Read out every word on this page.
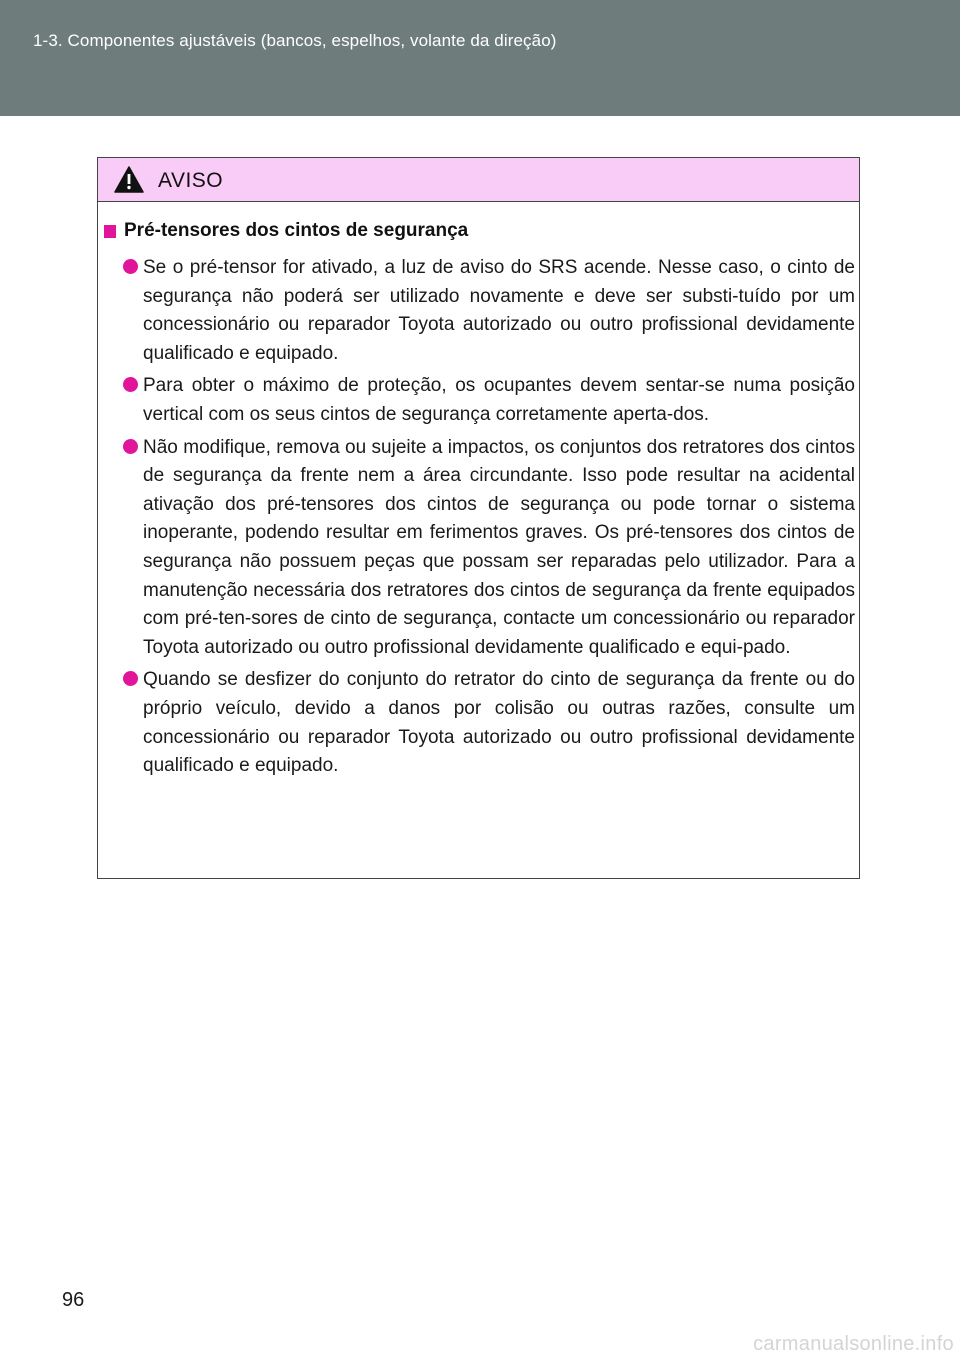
1-3. Componentes ajustáveis (bancos, espelhos, volante da direção)
AVISO
Pré-tensores dos cintos de segurança

Se o pré-tensor for ativado, a luz de aviso do SRS acende. Nesse caso, o cinto de segurança não poderá ser utilizado novamente e deve ser substi-tuído por um concessionário ou reparador Toyota autorizado ou outro profissional devidamente qualificado e equipado.

Para obter o máximo de proteção, os ocupantes devem sentar-se numa posição vertical com os seus cintos de segurança corretamente aperta-dos.

Não modifique, remova ou sujeite a impactos, os conjuntos dos retratores dos cintos de segurança da frente nem a área circundante. Isso pode resultar na acidental ativação dos pré-tensores dos cintos de segurança ou pode tornar o sistema inoperante, podendo resultar em ferimentos graves. Os pré-tensores dos cintos de segurança não possuem peças que possam ser reparadas pelo utilizador. Para a manutenção necessária dos retratores dos cintos de segurança da frente equipados com pré-ten-sores de cinto de segurança, contacte um concessionário ou reparador Toyota autorizado ou outro profissional devidamente qualificado e equi-pado.

Quando se desfizer do conjunto do retrator do cinto de segurança da frente ou do próprio veículo, devido a danos por colisão ou outras razões, consulte um concessionário ou reparador Toyota autorizado ou outro profissional devidamente qualificado e equipado.

96
carmanualsonline.info
